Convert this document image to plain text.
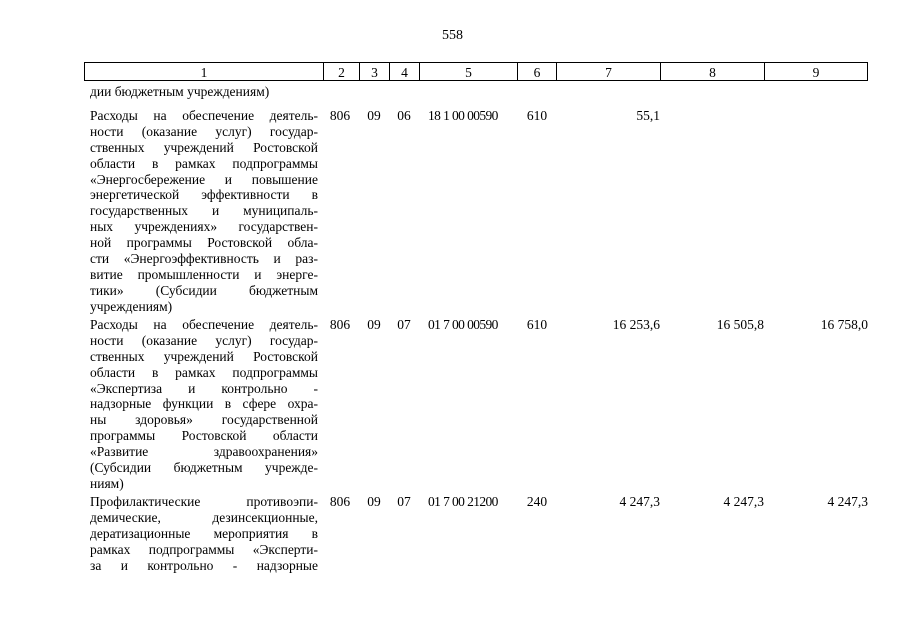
558
1	2	3	4	5	6	7	8	9
дии бюджетным учреждениям)
Расходы на обеспечение деятель-
ности (оказание услуг) государ-
ственных учреждений Ростовской
области в рамках подпрограммы
«Энергосбережение и повышение
энергетической эффективности в
государственных и муниципаль-
ных учреждениях» государствен-
ной программы Ростовской обла-
сти «Энергоэффективность и раз-
витие промышленности и энерге-
тики» (Субсидии бюджетным
учреждениям)
806	09	06	18 1 00 00590	610	55,1
Расходы на обеспечение деятель-
ности (оказание услуг) государ-
ственных учреждений Ростовской
области в рамках подпрограммы
«Экспертиза и контрольно -
надзорные функции в сфере охра-
ны здоровья» государственной
программы Ростовской области
«Развитие здравоохранения»
(Субсидии бюджетным учрежде-
ниям)
806	09	07	01 7 00 00590	610	16 253,6	16 505,8	16 758,0
Профилактические противоэпи-
демические, дезинсекционные,
дератизационные мероприятия в
рамках подпрограммы «Эксперти-
за и контрольно - надзорные
806	09	07	01 7 00 21200	240	4 247,3	4 247,3	4 247,3
